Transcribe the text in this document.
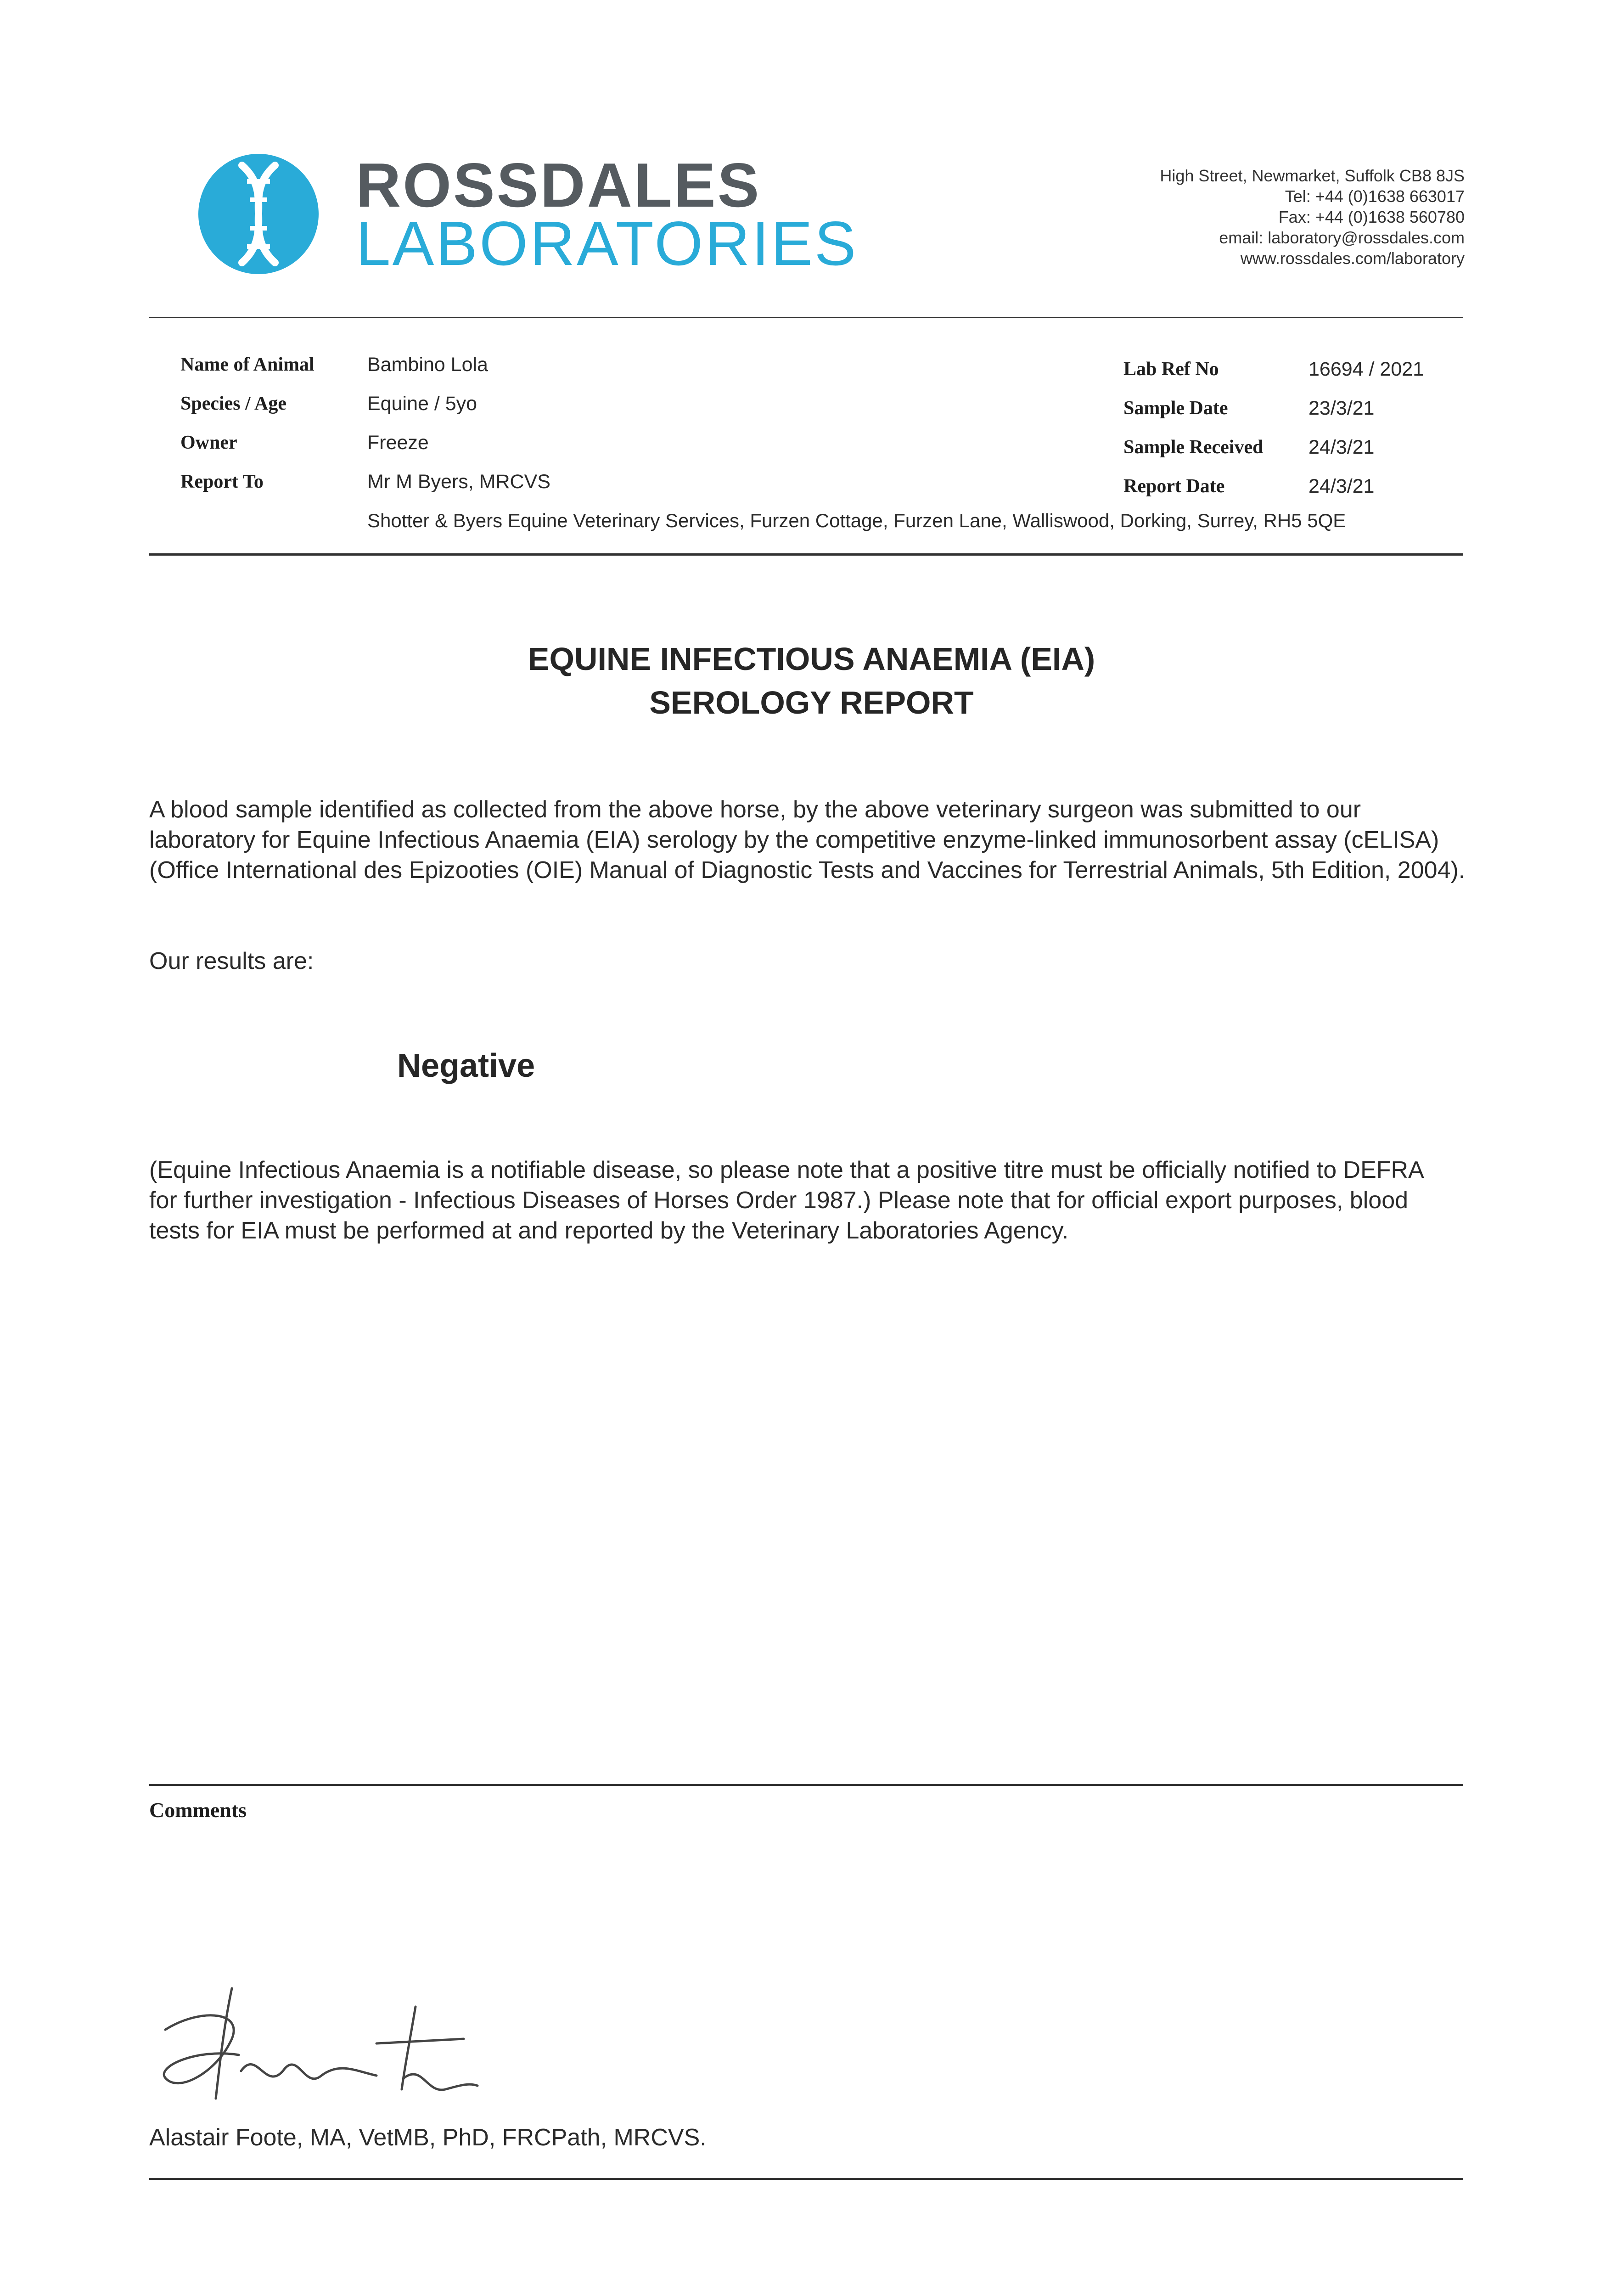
ROSSDALES
LABORATORIES
High Street, Newmarket, Suffolk CB8 8JS
Tel: +44 (0)1638 663017
Fax: +44 (0)1638 560780
email: laboratory@rossdales.com
www.rossdales.com/laboratory
Name of Animal	Bambino Lola
Species / Age	Equine / 5yo
Owner	Freeze
Report To	Mr M Byers, MRCVS
Shotter & Byers Equine Veterinary Services, Furzen Cottage, Furzen Lane, Walliswood, Dorking, Surrey, RH5 5QE
Lab Ref No	16694 / 2021
Sample Date	23/3/21
Sample Received 24/3/21
Report Date	24/3/21
EQUINE INFECTIOUS ANAEMIA (EIA)
SEROLOGY REPORT
A blood sample identified as collected from the above horse, by the above veterinary surgeon was submitted to our laboratory for Equine Infectious Anaemia (EIA) serology by the competitive enzyme-linked immunosorbent assay (cELISA) (Office International des Epizooties (OIE) Manual of Diagnostic Tests and Vaccines for Terrestrial Animals, 5th Edition, 2004).
Our results are:
Negative
(Equine Infectious Anaemia is a notifiable disease, so please note that a positive titre must be officially notified to DEFRA for further investigation - Infectious Diseases of Horses Order 1987.) Please note that for official export purposes, blood tests for EIA must be performed at and reported by the Veterinary Laboratories Agency.
Comments
Alastair Foote, MA, VetMB, PhD, FRCPath, MRCVS.
